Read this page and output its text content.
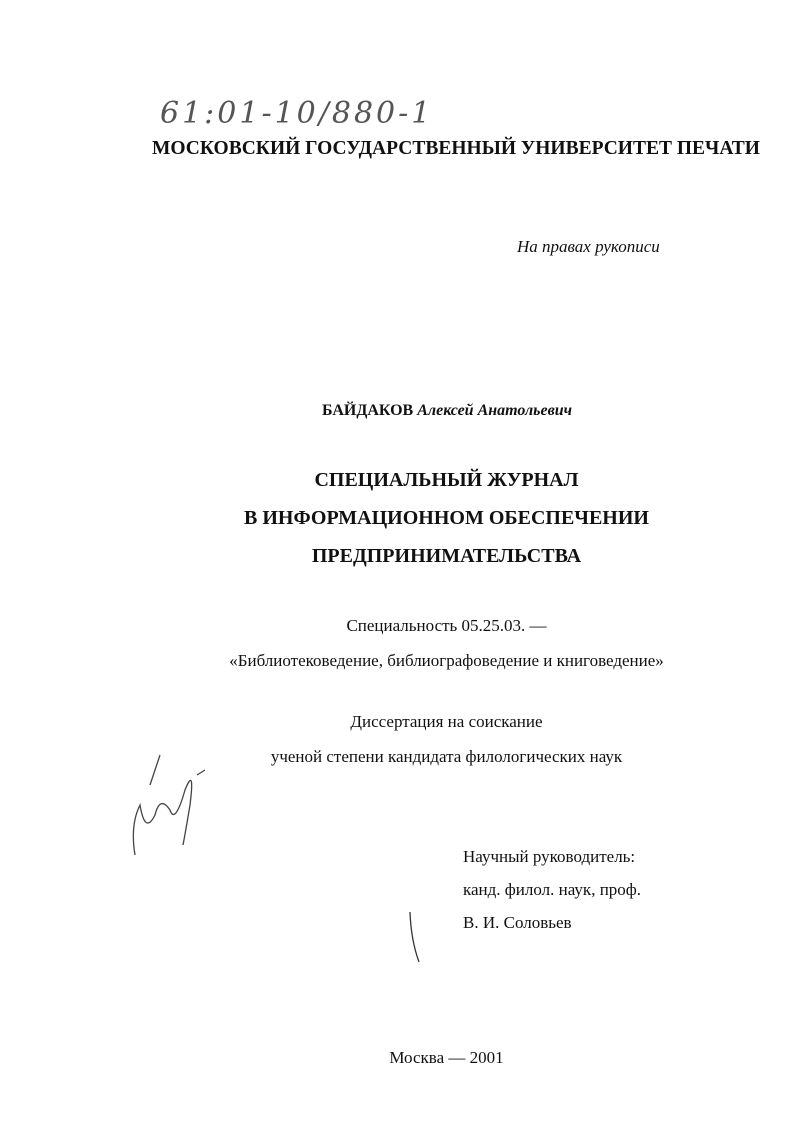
61:01-10/880-1
МОСКОВСКИЙ ГОСУДАРСТВЕННЫЙ УНИВЕРСИТЕТ ПЕЧАТИ
На правах рукописи
БАЙДАКОВ Алексей Анатольевич
СПЕЦИАЛЬНЫЙ ЖУРНАЛ
В ИНФОРМАЦИОННОМ ОБЕСПЕЧЕНИИ
ПРЕДПРИНИМАТЕЛЬСТВА
Специальность 05.25.03. —
«Библиотековедение, библиографоведение и книговедение»
Диссертация на соискание
ученой степени кандидата филологических наук
Научный руководитель:
канд. филол. наук, проф.
В. И. Соловьев
Москва — 2001
